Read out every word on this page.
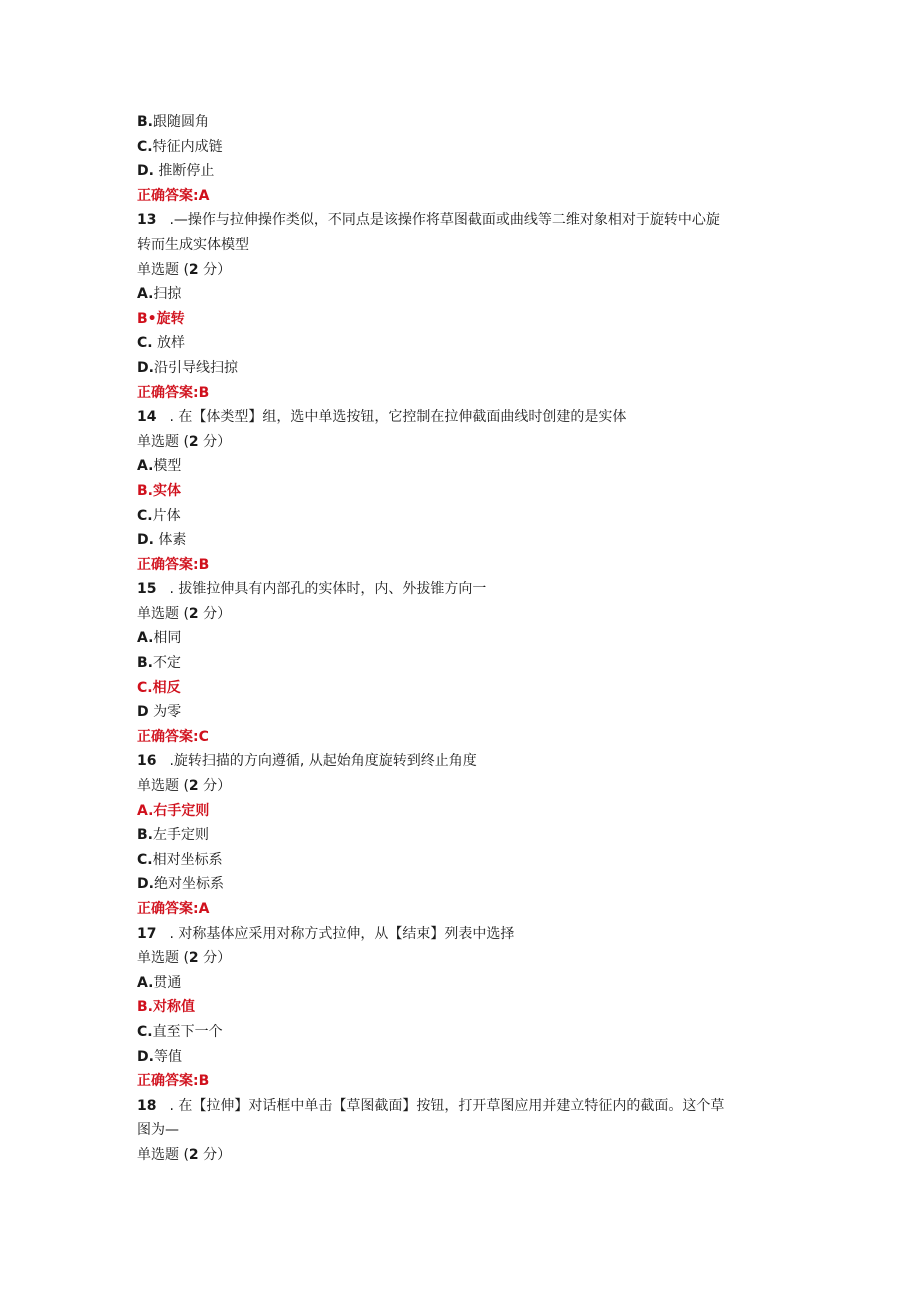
B.跟随圆角
C.特征内成链
D. 推断停止
正确答案:A
13 .—操作与拉伸操作类似，不同点是该操作将草图截面或曲线等二维对象相对于旋转中心旋
转而生成实体模型
单选题 (2 分）
A.扫掠
B•旋转
C. 放样
D.沿引导线扫掠
正确答案:B
14 . 在【体类型】组，选中单选按钮，它控制在拉伸截面曲线时创建的是实体
单选题 (2 分）
A.模型
B.实体
C.片体
D. 体素
正确答案:B
15 . 拔锥拉伸具有内部孔的实体时，内、外拔锥方向一
单选题 (2 分）
A.相同
B.不定
C.相反
D 为零
正确答案:C
16 .旋转扫描的方向遵循, 从起始角度旋转到终止角度
单选题 (2 分）
A.右手定则
B.左手定则
C.相对坐标系
D.绝对坐标系
正确答案:A
17 . 对称基体应采用对称方式拉伸，从【结束】列表中选择
单选题 (2 分）
A.贯通
B.对称值
C.直至下一个
D.等值
正确答案:B
18 . 在【拉伸】对话框中单击【草图截面】按钮，打开草图应用并建立特征内的截面。这个草
图为—
单选题 (2 分）
